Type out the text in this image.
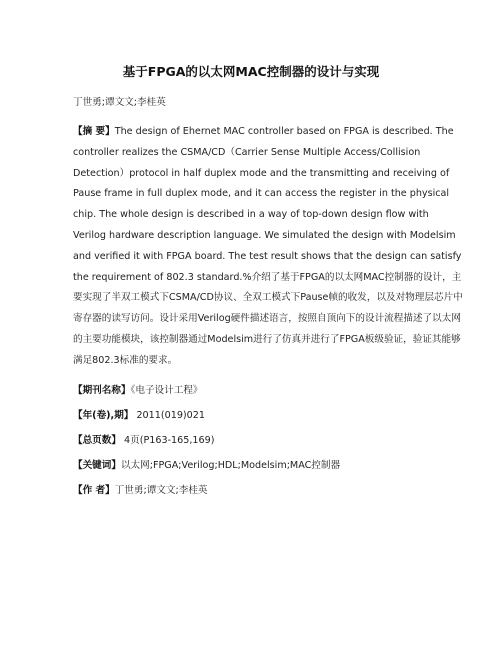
基于FPGA的以太网MAC控制器的设计与实现
丁世勇;谭文文;李桂英
【摘 要】The design of Ehernet MAC controller based on FPGA is described. The controller realizes the CSMA/CD（Carrier Sense Multiple Access/Collision Detection）protocol in half duplex mode and the transmitting and receiving of Pause frame in full duplex mode, and it can access the register in the physical chip. The whole design is described in a way of top-down design flow with Verilog hardware description language. We simulated the design with Modelsim and verified it with FPGA board. The test result shows that the design can satisfy the requirement of 802.3 standard.%介绍了基于FPGA的以太网MAC控制器的设计，主要实现了半双工模式下CSMA/CD协议、全双工模式下Pause帧的收发，以及对物理层芯片中寄存器的读写访问。设计采用Verilog硬件描述语言，按照自顶向下的设计流程描述了以太网的主要功能模块，该控制器通过Modelsim进行了仿真并进行了FPGA板级验证，验证其能够满足802.3标准的要求。
【期刊名称】《电子设计工程》
【年(卷),期】 2011(019)021
【总页数】 4页(P163-165,169)
【关键词】以太网;FPGA;Verilog;HDL;Modelsim;MAC控制器
【作 者】丁世勇;谭文文;李桂英
